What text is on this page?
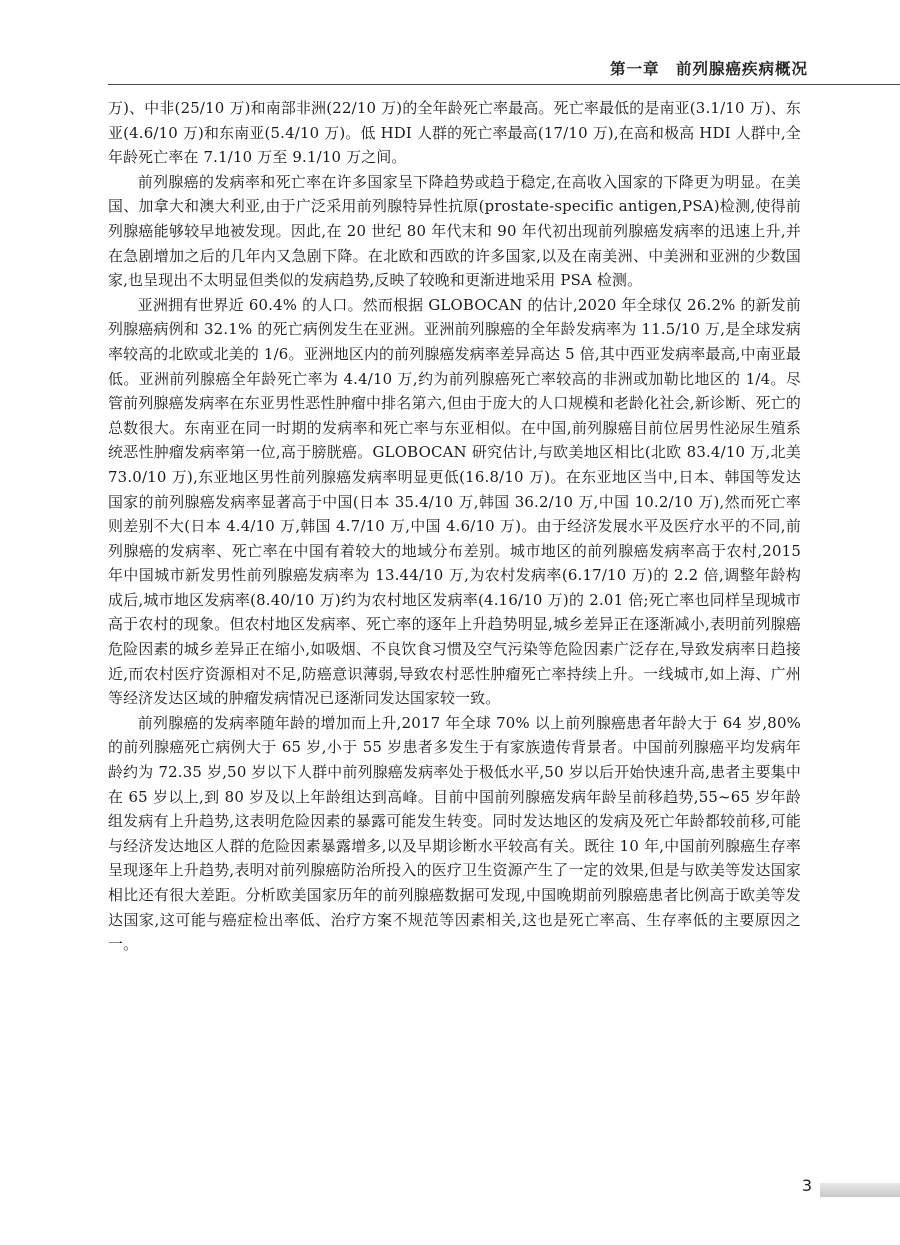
第一章　前列腺癌疾病概况

万)、中非(25/10 万)和南部非洲(22/10 万)的全年龄死亡率最高。死亡率最低的是南亚(3.1/10 万)、东亚(4.6/10 万)和东南亚(5.4/10 万)。低 HDI 人群的死亡率最高(17/10 万),在高和极高 HDI 人群中,全年龄死亡率在 7.1/10 万至 9.1/10 万之间。

前列腺癌的发病率和死亡率在许多国家呈下降趋势或趋于稳定,在高收入国家的下降更为明显。在美国、加拿大和澳大利亚,由于广泛采用前列腺特异性抗原(prostate-specific antigen,PSA)检测,使得前列腺癌能够较早地被发现。因此,在 20 世纪 80 年代末和 90 年代初出现前列腺癌发病率的迅速上升,并在急剧增加之后的几年内又急剧下降。在北欧和西欧的许多国家,以及在南美洲、中美洲和亚洲的少数国家,也呈现出不太明显但类似的发病趋势,反映了较晚和更渐进地采用 PSA 检测。

亚洲拥有世界近 60.4% 的人口。然而根据 GLOBOCAN 的估计,2020 年全球仅 26.2% 的新发前列腺癌病例和 32.1% 的死亡病例发生在亚洲。亚洲前列腺癌的全年龄发病率为 11.5/10 万,是全球发病率较高的北欧或北美的 1/6。亚洲地区内的前列腺癌发病率差异高达 5 倍,其中西亚发病率最高,中南亚最低。亚洲前列腺癌全年龄死亡率为 4.4/10 万,约为前列腺癌死亡率较高的非洲或加勒比地区的 1/4。尽管前列腺癌发病率在东亚男性恶性肿瘤中排名第六,但由于庞大的人口规模和老龄化社会,新诊断、死亡的总数很大。东南亚在同一时期的发病率和死亡率与东亚相似。在中国,前列腺癌目前位居男性泌尿生殖系统恶性肿瘤发病率第一位,高于膀胱癌。GLOBOCAN 研究估计,与欧美地区相比(北欧 83.4/10 万,北美 73.0/10 万),东亚地区男性前列腺癌发病率明显更低(16.8/10 万)。在东亚地区当中,日本、韩国等发达国家的前列腺癌发病率显著高于中国(日本 35.4/10 万,韩国 36.2/10 万,中国 10.2/10 万),然而死亡率则差别不大(日本 4.4/10 万,韩国 4.7/10 万,中国 4.6/10 万)。由于经济发展水平及医疗水平的不同,前列腺癌的发病率、死亡率在中国有着较大的地域分布差别。城市地区的前列腺癌发病率高于农村,2015 年中国城市新发男性前列腺癌发病率为 13.44/10 万,为农村发病率(6.17/10 万)的 2.2 倍,调整年龄构成后,城市地区发病率(8.40/10 万)约为农村地区发病率(4.16/10 万)的 2.01 倍;死亡率也同样呈现城市高于农村的现象。但农村地区发病率、死亡率的逐年上升趋势明显,城乡差异正在逐渐减小,表明前列腺癌危险因素的城乡差异正在缩小,如吸烟、不良饮食习惯及空气污染等危险因素广泛存在,导致发病率日趋接近,而农村医疗资源相对不足,防癌意识薄弱,导致农村恶性肿瘤死亡率持续上升。一线城市,如上海、广州等经济发达区域的肿瘤发病情况已逐渐同发达国家较一致。

前列腺癌的发病率随年龄的增加而上升,2017 年全球 70% 以上前列腺癌患者年龄大于 64 岁,80% 的前列腺癌死亡病例大于 65 岁,小于 55 岁患者多发生于有家族遗传背景者。中国前列腺癌平均发病年龄约为 72.35 岁,50 岁以下人群中前列腺癌发病率处于极低水平,50 岁以后开始快速升高,患者主要集中在 65 岁以上,到 80 岁及以上年龄组达到高峰。目前中国前列腺癌发病年龄呈前移趋势,55~65 岁年龄组发病有上升趋势,这表明危险因素的暴露可能发生转变。同时发达地区的发病及死亡年龄都较前移,可能与经济发达地区人群的危险因素暴露增多,以及早期诊断水平较高有关。既往 10 年,中国前列腺癌生存率呈现逐年上升趋势,表明对前列腺癌防治所投入的医疗卫生资源产生了一定的效果,但是与欧美等发达国家相比还有很大差距。分析欧美国家历年的前列腺癌数据可发现,中国晚期前列腺癌患者比例高于欧美等发达国家,这可能与癌症检出率低、治疗方案不规范等因素相关,这也是死亡率高、生存率低的主要原因之一。

3
